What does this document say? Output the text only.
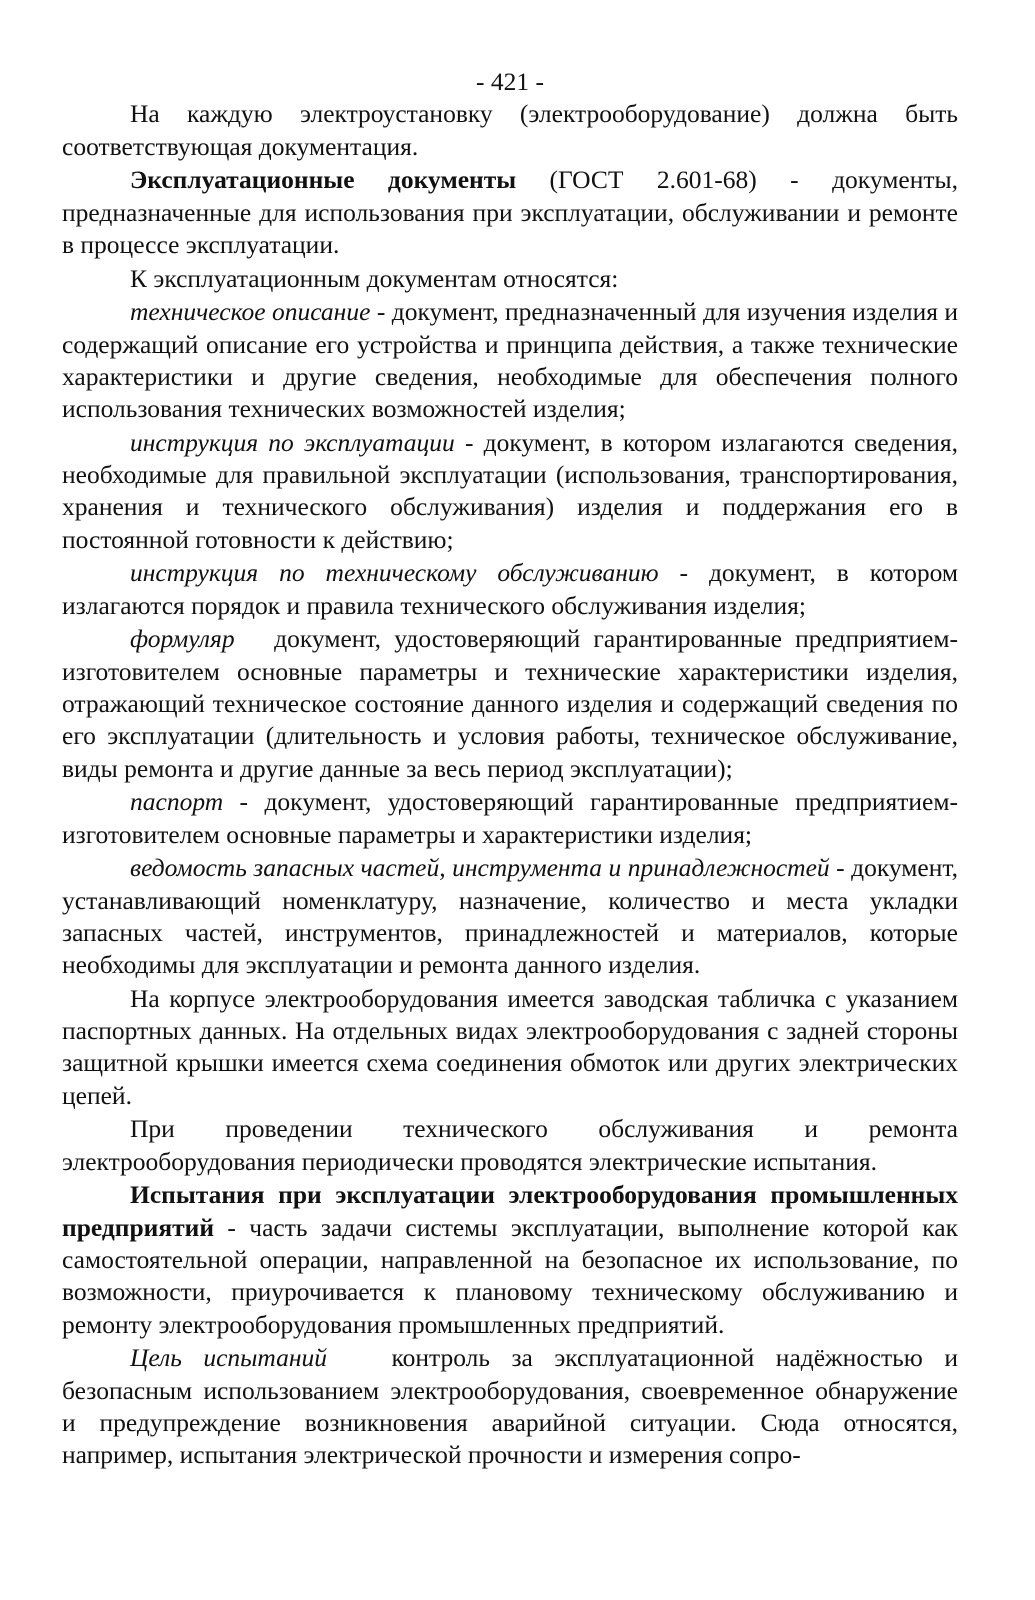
- 421 -

На каждую электроустановку (электрооборудование) должна быть соответствующая документация.

Эксплуатационные документы (ГОСТ 2.601-68) - документы, предназначенные для использования при эксплуатации, обслуживании и ремонте в процессе эксплуатации.

К эксплуатационным документам относятся:

техническое описание - документ, предназначенный для изучения изделия и содержащий описание его устройства и принципа действия, а также технические характеристики и другие сведения, необходимые для обеспечения полного использования технических возможностей изделия;

инструкция по эксплуатации - документ, в котором излагаются сведения, необходимые для правильной эксплуатации (использования, транспортирования, хранения и технического обслуживания) изделия и поддержания его в постоянной готовности к действию;

инструкция по техническому обслуживанию - документ, в котором излагаются порядок и правила технического обслуживания изделия;

формуляр   документ, удостоверяющий гарантированные предприятием-изготовителем основные параметры и технические характеристики изделия, отражающий техническое состояние данного изделия и содержащий сведения по его эксплуатации (длительность и условия работы, техническое обслуживание, виды ремонта и другие данные за весь период эксплуатации);

паспорт - документ, удостоверяющий гарантированные предприятием-изготовителем основные параметры и характеристики изделия;

ведомость запасных частей, инструмента и принадлежностей - документ, устанавливающий номенклатуру, назначение, количество и места укладки запасных частей, инструментов, принадлежностей и материалов, которые необходимы для эксплуатации и ремонта данного изделия.

На корпусе электрооборудования имеется заводская табличка с указанием паспортных данных. На отдельных видах электрооборудования с задней стороны защитной крышки имеется схема соединения обмоток или других электрических цепей.

При проведении технического обслуживания и ремонта электрооборудования периодически проводятся электрические испытания.

Испытания при эксплуатации электрооборудования промышленных предприятий - часть задачи системы эксплуатации, выполнение которой как самостоятельной операции, направленной на безопасное их использование, по возможности, приурочивается к плановому техническому обслуживанию и ремонту электрооборудования промышленных предприятий.

Цель испытаний   контроль за эксплуатационной надёжностью и безопасным использованием электрооборудования, своевременное обнаружение и предупреждение возникновения аварийной ситуации. Сюда относятся, например, испытания электрической прочности и измерения сопро-
